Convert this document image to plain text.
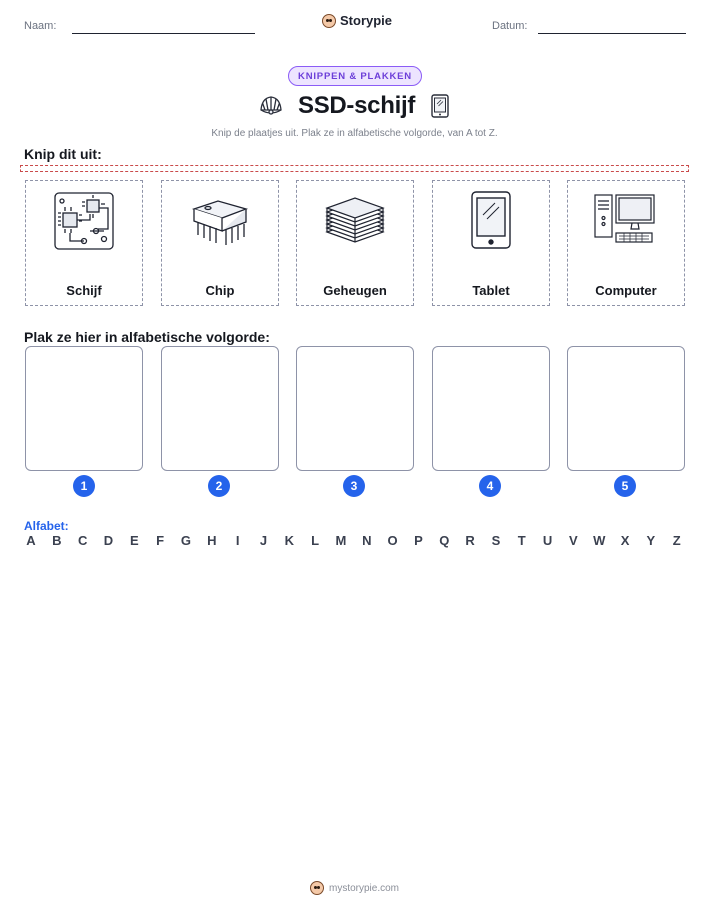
Naam:	Storypie	Datum:
KNIPPEN & PLAKKEN
SSD-schijf
Knip de plaatjes uit. Plak ze in alfabetische volgorde, van A tot Z.
Knip dit uit:
Schijf	Chip	Geheugen	Tablet	Computer
Plak ze hier in alfabetische volgorde:
1	2	3	4	5
Alfabet:
A B C D E F G H	I	J K L M N O P Q R S T U V W X Y Z
mystorypie.com
